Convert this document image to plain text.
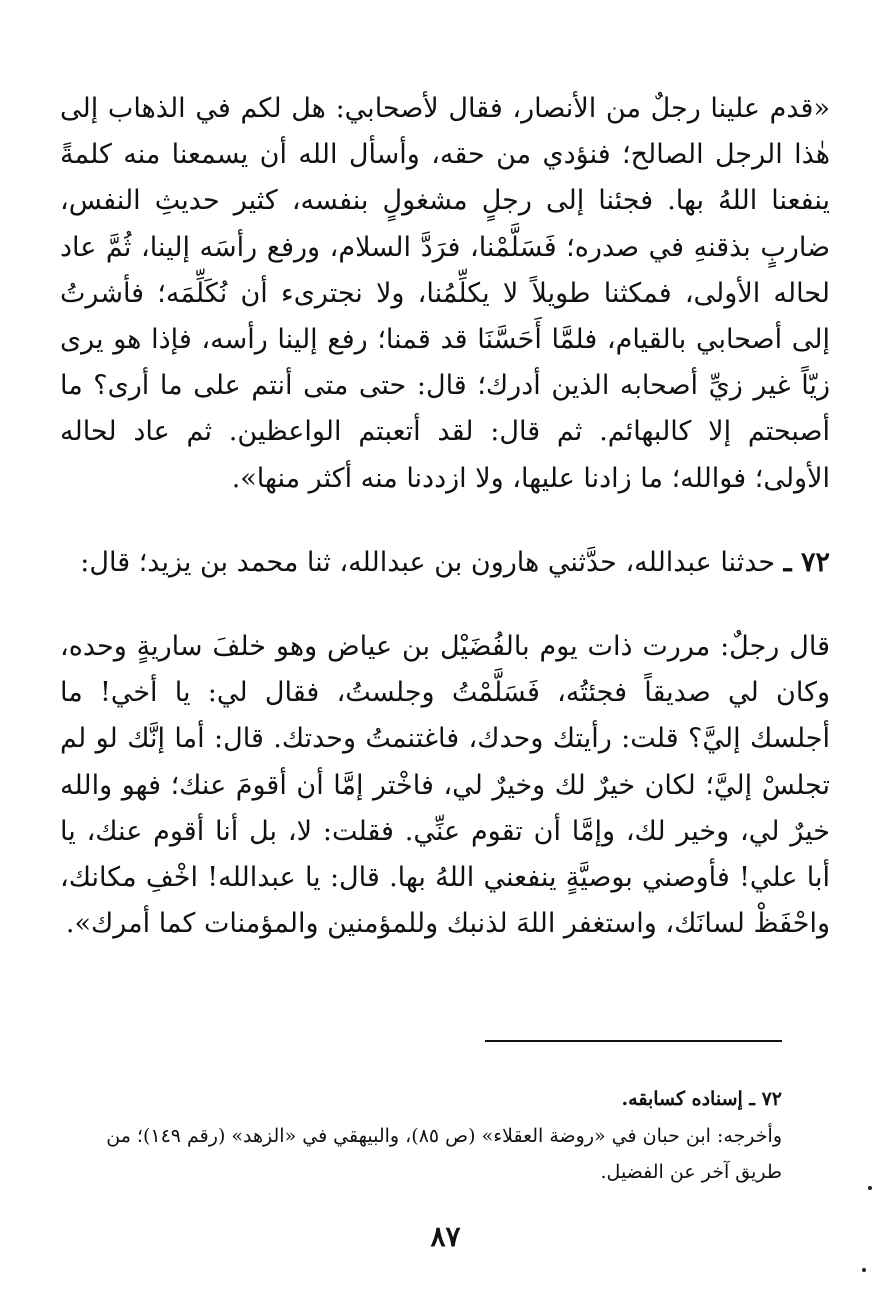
«قدم علينا رجلٌ من الأنصار، فقال لأصحابي: هل لكم في الذهاب إلى هٰذا الرجل الصالح؛ فنؤدي من حقه، وأسأل الله أن يسمعنا منه كلمةً ينفعنا اللهُ بها. فجئنا إلى رجلٍ مشغولٍ بنفسه، كثير حديثِ النفس، ضاربٍ بذقنهِ في صدره؛ فَسَلَّمْنا، فرَدَّ السلام، ورفع رأسَه إلينا، ثُمَّ عاد لحاله الأولى، فمكثنا طويلاً لا يكلِّمُنا، ولا نجترىء أن نُكَلِّمَه؛ فأشرتُ إلى أصحابي بالقيام، فلمَّا أَحَسَّنَا قد قمنا؛ رفع إلينا رأسه، فإذا هو يرى زيّاً غير زيِّ أصحابه الذين أدرك؛ قال: حتى متى أنتم على ما أرى؟ ما أصبحتم إلا كالبهائم. ثم قال: لقد أتعبتم الواعظين. ثم عاد لحاله الأولى؛ فوالله؛ ما زادنا عليها، ولا ازددنا منه أكثر منها».

٧٢ ـ حدثنا عبدالله، حدَّثني هارون بن عبدالله، ثنا محمد بن يزيد؛ قال:

قال رجلٌ: مررت ذات يوم بالفُضَيْل بن عياض وهو خلفَ ساريةٍ وحده، وكان لي صديقاً فجئتُه، فَسَلَّمْتُ وجلستُ، فقال لي: يا أخي! ما أجلسك إليَّ؟ قلت: رأيتك وحدك، فاغتنمتُ وحدتك. قال: أما إنَّك لو لم تجلسْ إليَّ؛ لكان خيرٌ لك وخيرٌ لي، فاخْتر إمَّا أن أقومَ عنك؛ فهو والله خيرٌ لي، وخير لك، وإمَّا أن تقوم عنِّي. فقلت: لا، بل أنا أقوم عنك، يا أبا علي! فأوصني بوصيَّةٍ ينفعني اللهُ بها. قال: يا عبدالله! اخْفِ مكانك، واحْفَظْ لسانَك، واستغفر اللهَ لذنبك وللمؤمنين والمؤمنات كما أمرك».

٧٢ ـ إسناده كسابقه.

وأخرجه: ابن حبان في «روضة العقلاء» (ص ٨٥)، والبيهقي في «الزهد» (رقم ١٤٩)؛ من طريق آخر عن الفضيل.

٨٧
